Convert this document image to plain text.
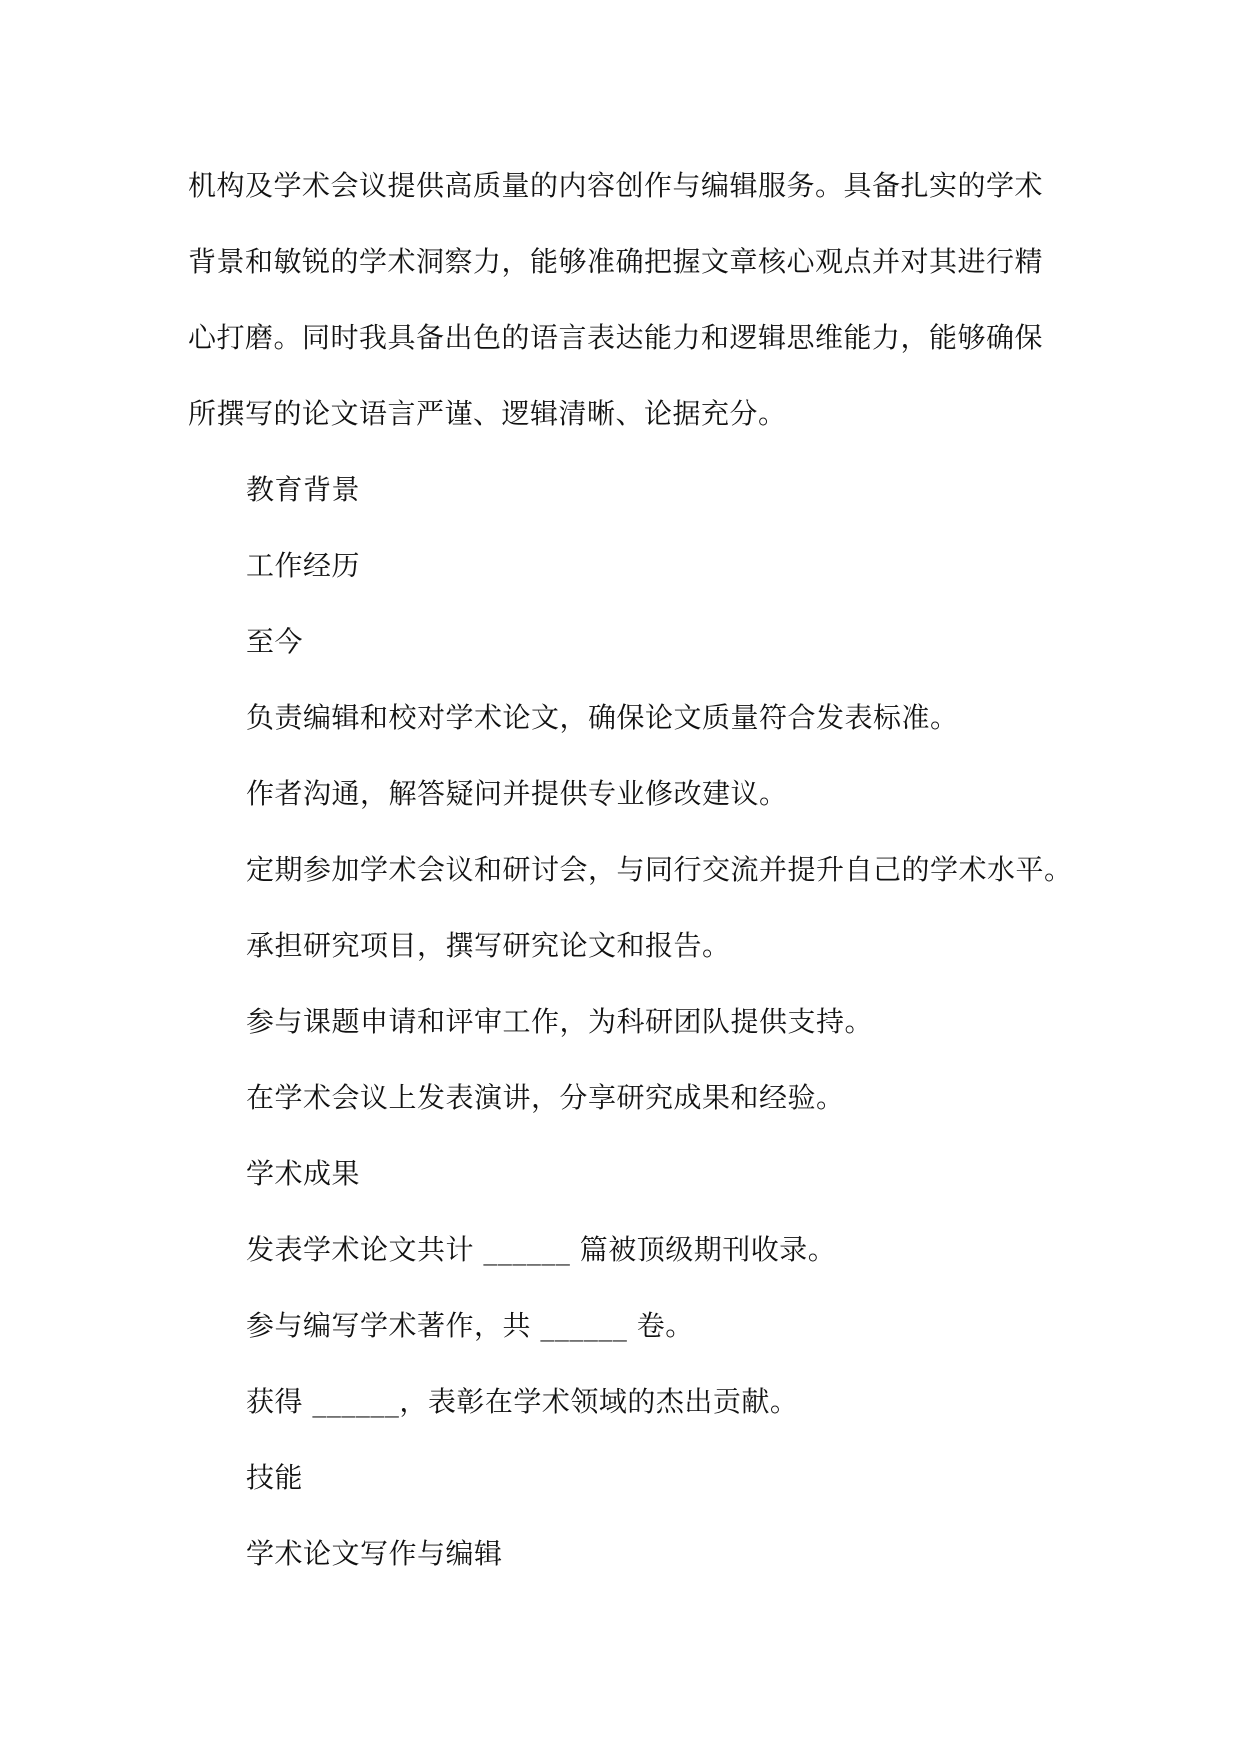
机构及学术会议提供高质量的内容创作与编辑服务。具备扎实的学术
背景和敏锐的学术洞察力，能够准确把握文章核心观点并对其进行精
心打磨。同时我具备出色的语言表达能力和逻辑思维能力，能够确保
所撰写的论文语言严谨、逻辑清晰、论据充分。
教育背景
工作经历
至今
负责编辑和校对学术论文，确保论文质量符合发表标准。
作者沟通，解答疑问并提供专业修改建议。
定期参加学术会议和研讨会，与同行交流并提升自己的学术水平。
承担研究项目，撰写研究论文和报告。
参与课题申请和评审工作，为科研团队提供支持。
在学术会议上发表演讲，分享研究成果和经验。
学术成果
发表学术论文共计 ______ 篇被顶级期刊收录。
参与编写学术著作，共 ______ 卷。
获得 ______，表彰在学术领域的杰出贡献。
技能
学术论文写作与编辑
